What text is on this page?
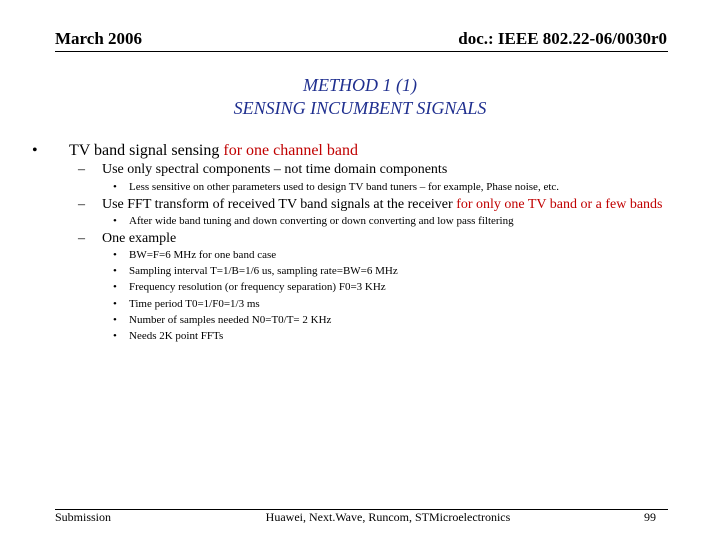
March 2006	doc.: IEEE 802.22-06/0030r0
METHOD 1 (1)
SENSING INCUMBENT SIGNALS
• TV band signal sensing for one channel band
– Use only spectral components – not time domain components
• Less sensitive on other parameters used to design TV band tuners – for example, Phase noise, etc.
– Use FFT transform of received TV band signals at the receiver for only one TV band or a few bands
• After wide band tuning and down converting or down converting and low pass filtering
– One example
• BW=F=6 MHz for one band case
• Sampling interval T=1/B=1/6 us, sampling rate=BW=6 MHz
• Frequency resolution (or frequency separation) F0=3 KHz
• Time period T0=1/F0=1/3 ms
• Number of samples needed N0=T0/T= 2 KHz
• Needs 2K point FFTs
Submission	Huawei, Next.Wave, Runcom, STMicroelectronics	99
